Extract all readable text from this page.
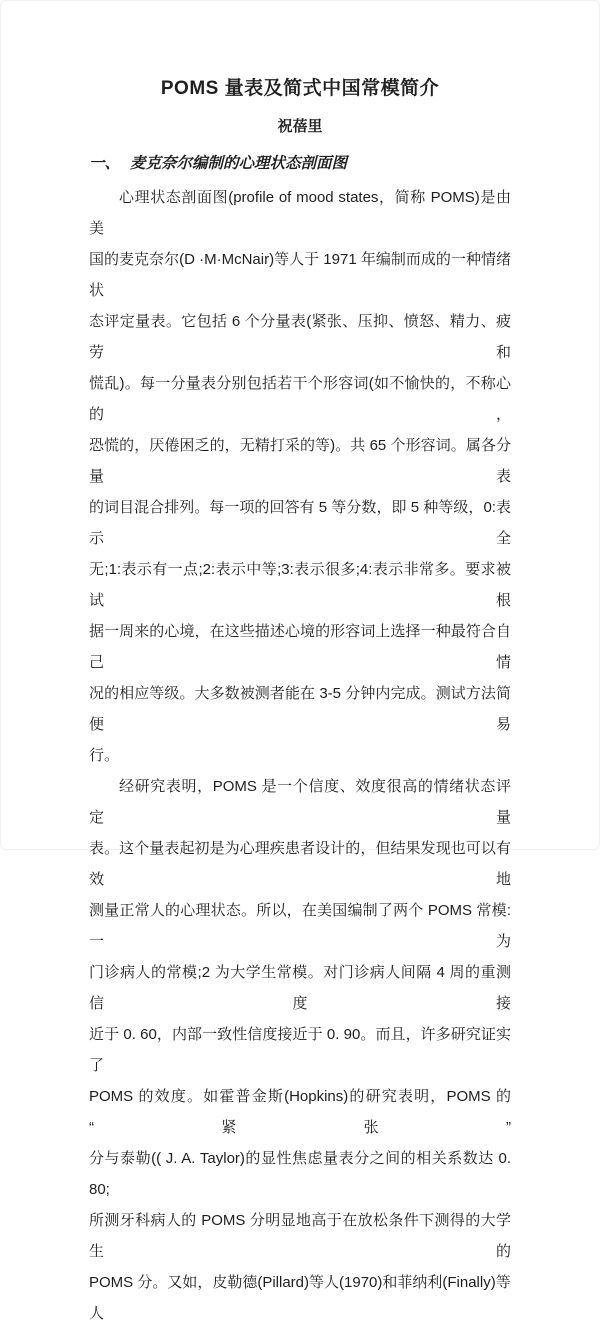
POMS 量表及简式中国常模简介
祝蓓里
一、 麦克奈尔编制的心理状态剖面图
心理状态剖面图(profile of mood states，简称 POMS)是由美
国的麦克奈尔(D ·M·McNair)等人于 1971 年编制而成的一种情绪状
态评定量表。它包括 6 个分量表(紧张、压抑、愤怒、精力、疲劳和
慌乱)。每一分量表分别包括若干个形容词(如不愉快的，不称心的，
恐慌的，厌倦困乏的，无精打采的等)。共 65 个形容词。属各分量表
的词目混合排列。每一项的回答有 5 等分数，即 5 种等级，0:表示全
无;1:表示有一点;2:表示中等;3:表示很多;4:表示非常多。要求被试根
据一周来的心境，在这些描述心境的形容词上选择一种最符合自己情
况的相应等级。大多数被测者能在 3-5 分钟内完成。测试方法简便易
行。
经研究表明，POMS 是一个信度、效度很高的情绪状态评定量
表。这个量表起初是为心理疾患者设计的，但结果发现也可以有效地
测量正常人的心理状态。所以，在美国编制了两个 POMS 常模:一为
门诊病人的常模;2 为大学生常模。对门诊病人间隔 4 周的重测信度接
近于 0. 60，内部一致性信度接近于 0. 90。而且，许多研究证实了
POMS 的效度。如霍普金斯(Hopkins)的研究表明，POMS 的 “紧张”
分与泰勒(( J. A. Taylor)的显性焦虑量表分之间的相关系数达 0. 80;
所测牙科病人的 POMS 分明显地高于在放松条件下测得的大学生的
POMS 分。又如，皮勒德(Pillard)等人(1970)和菲纳利(Finally)等人
